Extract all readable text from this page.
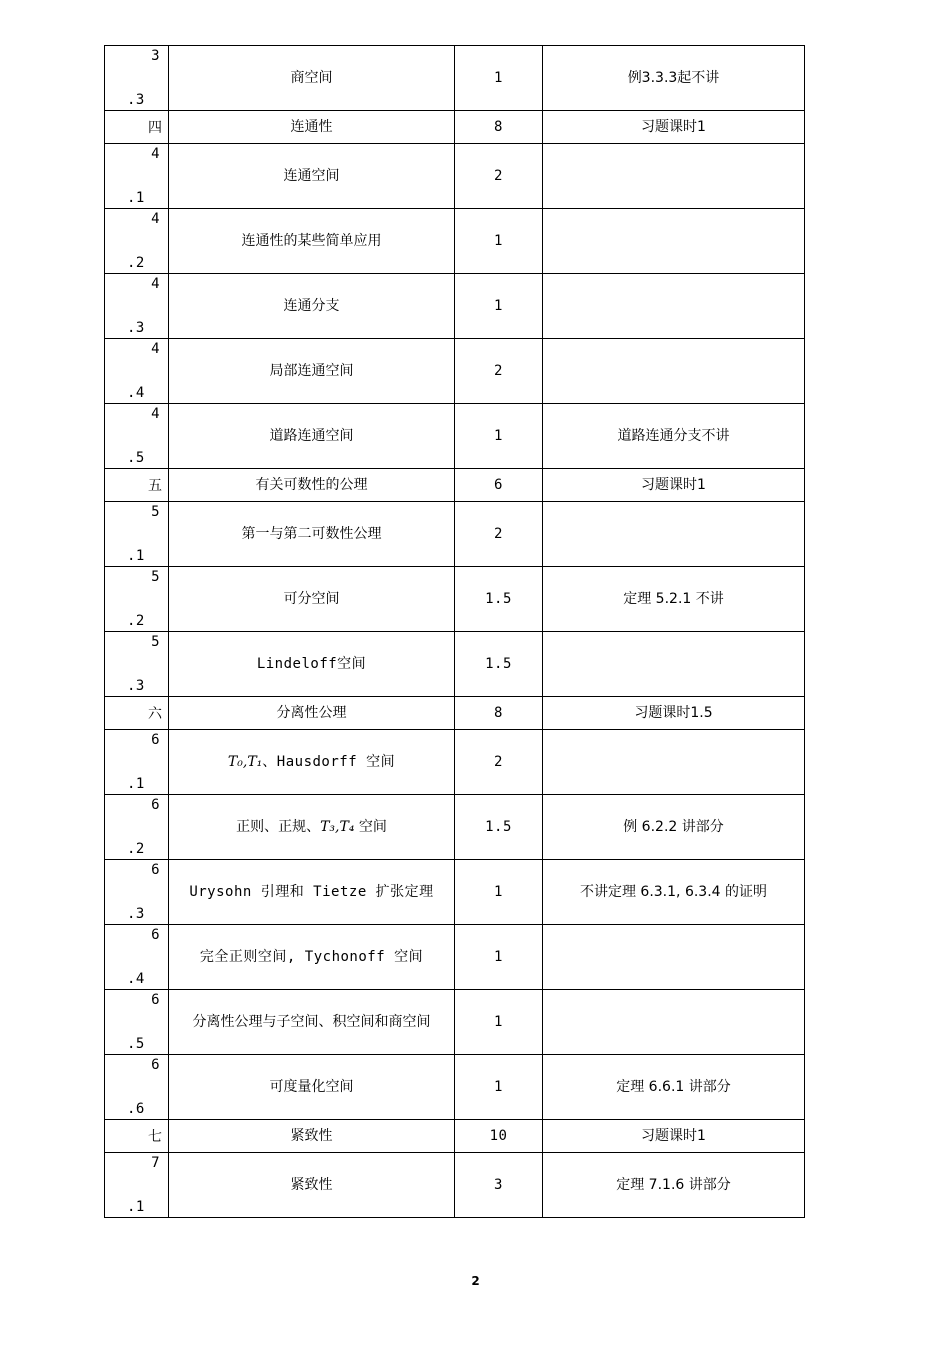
3
.3	商空间	1	例3.3.3起不讲
四	连通性	8	习题课时1

4
.1	连通空间	2	

4
.2	连通性的某些简单应用	1	

4
.3	连通分支	1	

4
.4	局部连通空间	2	

4
.5	道路连通空间	1	道路连通分支不讲
五	有关可数性的公理	6	习题课时1

5
.1	第一与第二可数性公理	2	

5
.2	可分空间	1.5	定理 5.2.1 不讲

5
.3	Lindeloff空间	1.5	
六	分离性公理	8	习题课时1.5

6
.1	T₀,T₁、Hausdorff 空间	2	

6
.2	正则、正规、T₃,T₄ 空间	1.5	例 6.2.2 讲部分

6
.3	Urysohn 引理和 Tietze 扩张定理	1	不讲定理 6.3.1, 6.3.4 的证明

6
.4	完全正则空间, Tychonoff 空间	1	

6
.5	分离性公理与子空间、积空间和商空间	1	

6
.6	可度量化空间	1	定理 6.6.1 讲部分
七	紧致性	10	习题课时1

7
.1	紧致性	3	定理 7.1.6 讲部分
2
